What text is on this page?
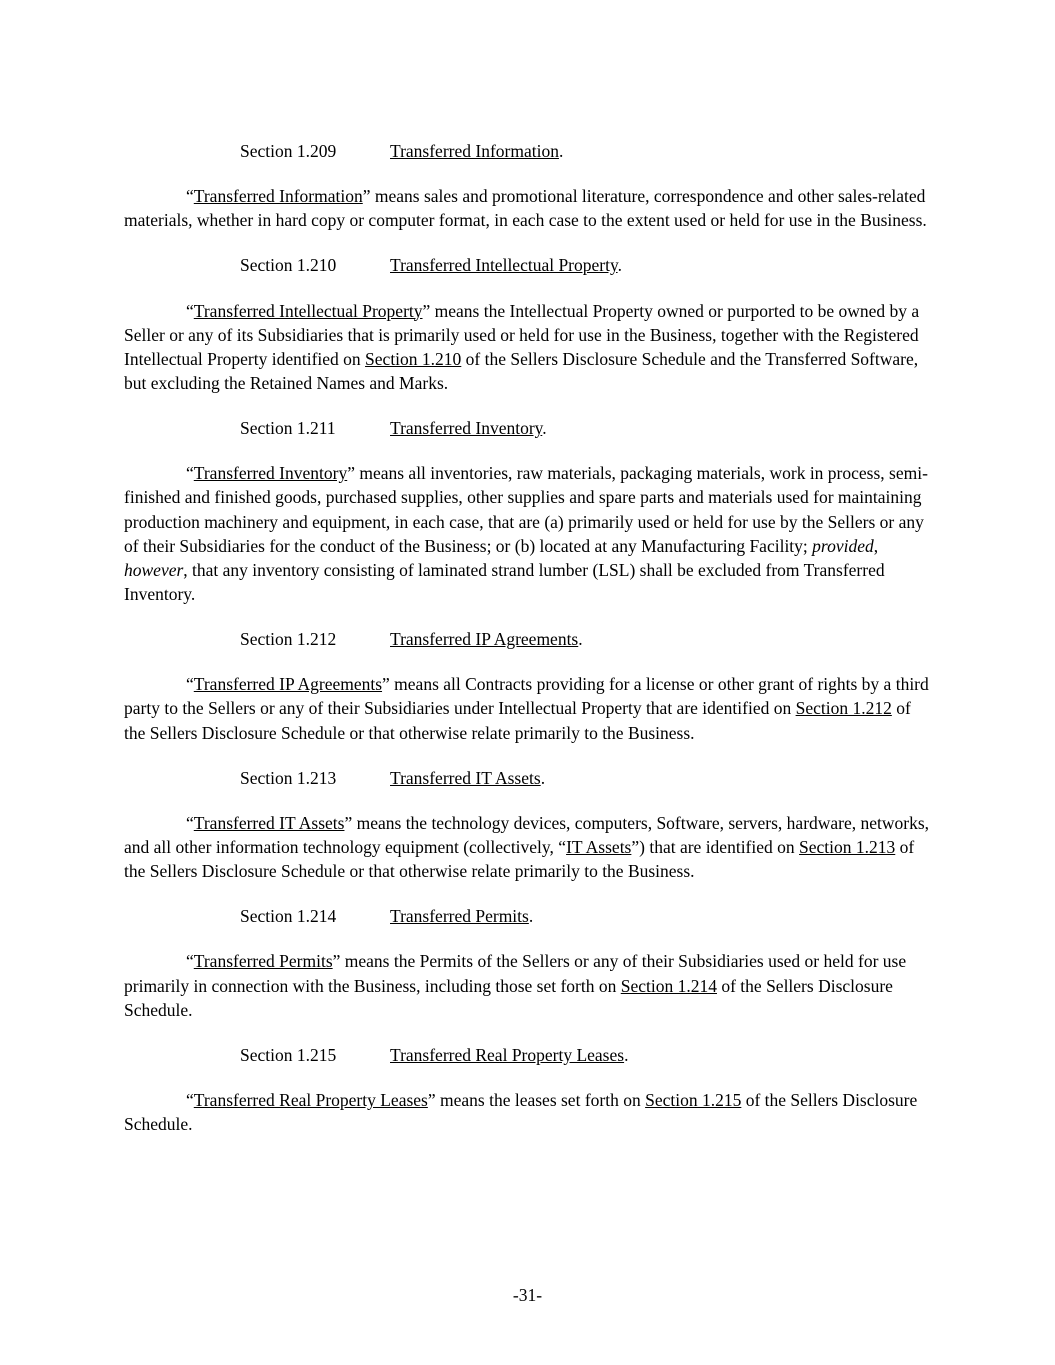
Section 1.209	Transferred Information.

“Transferred Information” means sales and promotional literature, correspondence and other sales-related materials, whether in hard copy or computer format, in each case to the extent used or held for use in the Business.

Section 1.210	Transferred Intellectual Property.

“Transferred Intellectual Property” means the Intellectual Property owned or purported to be owned by a Seller or any of its Subsidiaries that is primarily used or held for use in the Business, together with the Registered Intellectual Property identified on Section 1.210 of the Sellers Disclosure Schedule and the Transferred Software, but excluding the Retained Names and Marks.

Section 1.211	Transferred Inventory.

“Transferred Inventory” means all inventories, raw materials, packaging materials, work in process, semi-finished and finished goods, purchased supplies, other supplies and spare parts and materials used for maintaining production machinery and equipment, in each case, that are (a) primarily used or held for use by the Sellers or any of their Subsidiaries for the conduct of the Business; or (b) located at any Manufacturing Facility; provided, however, that any inventory consisting of laminated strand lumber (LSL) shall be excluded from Transferred Inventory.

Section 1.212	Transferred IP Agreements.

“Transferred IP Agreements” means all Contracts providing for a license or other grant of rights by a third party to the Sellers or any of their Subsidiaries under Intellectual Property that are identified on Section 1.212 of the Sellers Disclosure Schedule or that otherwise relate primarily to the Business.

Section 1.213	Transferred IT Assets.

“Transferred IT Assets” means the technology devices, computers, Software, servers, hardware, networks, and all other information technology equipment (collectively, “IT Assets”) that are identified on Section 1.213 of the Sellers Disclosure Schedule or that otherwise relate primarily to the Business.

Section 1.214	Transferred Permits.

“Transferred Permits” means the Permits of the Sellers or any of their Subsidiaries used or held for use primarily in connection with the Business, including those set forth on Section 1.214 of the Sellers Disclosure Schedule.

Section 1.215	Transferred Real Property Leases.

“Transferred Real Property Leases” means the leases set forth on Section 1.215 of the Sellers Disclosure Schedule.

-31-
